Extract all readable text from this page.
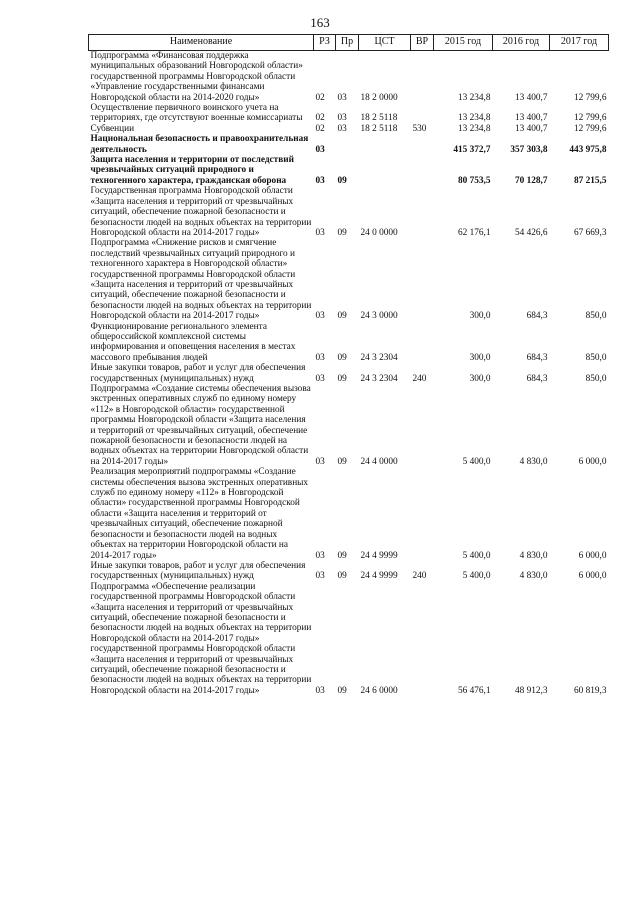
163
Наименование	РЗ	Пр	ЦСТ	ВР	2015 год	2016 год	2017 год
Подпрограмма «Финансовая поддержка муниципальных образований Новгородской области» государственной программы Новгородской области «Управление государственными финансами Новгородской области на 2014-2020 годы»	02	03	18 2 0000		13 234,8	13 400,7	12 799,6
Осуществление первичного воинского учета на территориях, где отсутствуют военные комиссариаты	02	03	18 2 5118		13 234,8	13 400,7	12 799,6
Субвенции	02	03	18 2 5118	530	13 234,8	13 400,7	12 799,6
Национальная безопасность и правоохранительная деятельность	03				415 372,7	357 303,8	443 975,8
Защита населения и территории от последствий чрезвычайных ситуаций природного и техногенного характера, гражданская оборона	03	09			80 753,5	70 128,7	87 215,5
Государственная программа Новгородской области «Защита населения и территорий от чрезвычайных ситуаций, обеспечение пожарной безопасности и безопасности людей на водных объектах на территории Новгородской области на 2014-2017 годы»	03	09	24 0 0000		62 176,1	54 426,6	67 669,3
Подпрограмма «Снижение рисков и смягчение последствий чрезвычайных ситуаций природного и техногенного характера в Новгородской области» государственной программы Новгородской области «Защита населения и территорий от чрезвычайных ситуаций, обеспечение пожарной безопасности и безопасности людей на водных объектах на территории Новгородской области на 2014-2017 годы»	03	09	24 3 0000		300,0	684,3	850,0
Функционирование регионального элемента общероссийской комплексной системы информирования и оповещения населения в местах массового пребывания людей	03	09	24 3 2304		300,0	684,3	850,0
Иные закупки товаров, работ и услуг для обеспечения государственных (муниципальных) нужд	03	09	24 3 2304	240	300,0	684,3	850,0
Подпрограмма «Создание системы обеспечения вызова экстренных оперативных служб по единому номеру «112» в Новгородской области» государственной программы Новгородской области «Защита населения и территорий от чрезвычайных ситуаций, обеспечение пожарной безопасности и безопасности людей на водных объектах на территории Новгородской области на 2014-2017 годы»	03	09	24 4 0000		5 400,0	4 830,0	6 000,0
Реализация мероприятий подпрограммы «Создание системы обеспечения вызова экстренных оперативных служб по единому номеру «112» в Новгородской области» государственной программы Новгородской области «Защита населения и территорий от чрезвычайных ситуаций, обеспечение пожарной безопасности и безопасности людей на водных объектах на территории Новгородской области на 2014-2017 годы»	03	09	24 4 9999		5 400,0	4 830,0	6 000,0
Иные закупки товаров, работ и услуг для обеспечения государственных (муниципальных) нужд	03	09	24 4 9999	240	5 400,0	4 830,0	6 000,0
Подпрограмма «Обеспечение реализации государственной программы Новгородской области «Защита населения и территорий от чрезвычайных ситуаций, обеспечение пожарной безопасности и безопасности людей на водных объектах на территории Новгородской области на 2014-2017 годы» государственной программы Новгородской области «Защита населения и территорий от чрезвычайных ситуаций, обеспечение пожарной безопасности и безопасности людей на водных объектах на территории Новгородской области на 2014-2017 годы»	03	09	24 6 0000		56 476,1	48 912,3	60 819,3
